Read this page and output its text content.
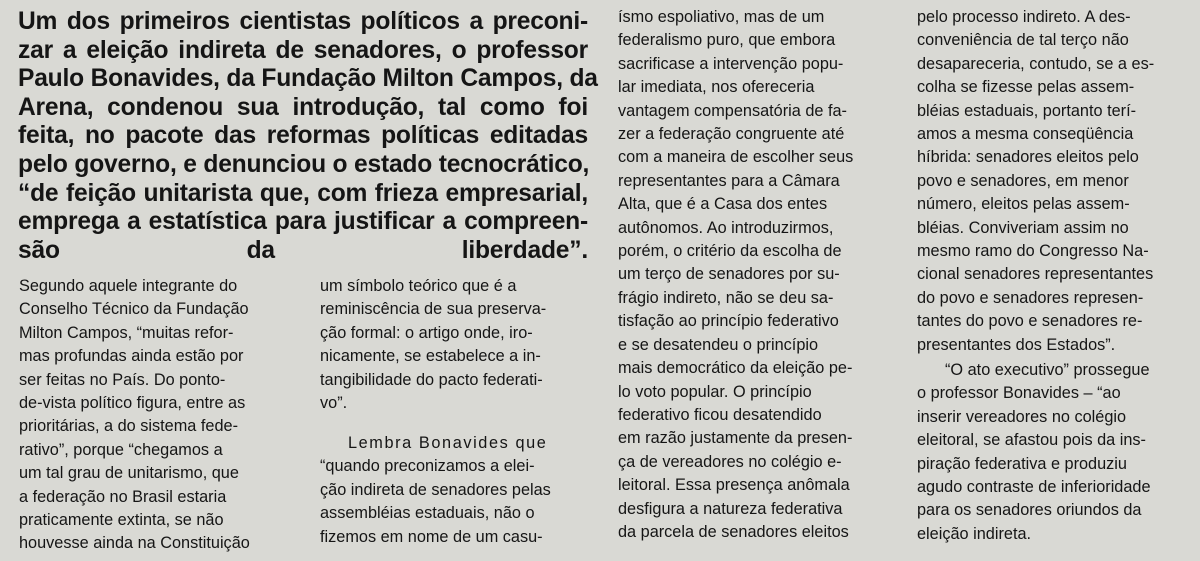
Um dos primeiros cientistas políticos a preconi-
zar a eleição indireta de senadores, o professor
Paulo Bonavides, da Fundação Milton Campos, da
Arena, condenou sua introdução, tal como foi
feita, no pacote das reformas políticas editadas
pelo governo, e denunciou o estado tecnocrático,
“de feição unitarista que, com frieza empresarial,
emprega a estatística para justificar a compreen-
são da liberdade”.
Segundo aquele integrante do
Conselho Técnico da Fundação
Milton Campos, “muitas refor-
mas profundas ainda estão por
ser feitas no País. Do ponto-
de-vista político figura, entre as
prioritárias, a do sistema fede-
rativo”, porque “chegamos a
um tal grau de unitarismo, que
a federação no Brasil estaria
praticamente extinta, se não
houvesse ainda na Constituição
um símbolo teórico que é a
reminiscência de sua preserva-
ção formal: o artigo onde, iro-
nicamente, se estabelece a in-
tangibilidade do pacto federati-
vo”.
Lembra Bonavides que
“quando preconizamos a elei-
ção indireta de senadores pelas
assembléias estaduais, não o
fizemos em nome de um casu-
ísmo espoliativo, mas de um
federalismo puro, que embora
sacrificase a intervenção popu-
lar imediata, nos ofereceria
vantagem compensatória de fa-
zer a federação congruente até
com a maneira de escolher seus
representantes para a Câmara
Alta, que é a Casa dos entes
autônomos. Ao introduzirmos,
porém, o critério da escolha de
um terço de senadores por su-
frágio indireto, não se deu sa-
tisfação ao princípio federativo
e se desatendeu o princípio
mais democrático da eleição pe-
lo voto popular. O princípio
federativo ficou desatendido
em razão justamente da presen-
ça de vereadores no colégio e-
leitoral. Essa presença anômala
desfigura a natureza federativa
da parcela de senadores eleitos
pelo processo indireto. A des-
conveniência de tal terço não
desapareceria, contudo, se a es-
colha se fizesse pelas assem-
bléias estaduais, portanto terí-
amos a mesma conseqüência
híbrida: senadores eleitos pelo
povo e senadores, em menor
número, eleitos pelas assem-
bléias. Conviveriam assim no
mesmo ramo do Congresso Na-
cional senadores representantes
do povo e senadores represen-
tantes do povo e senadores re-
presentantes dos Estados”.
“O ato executivo” prossegue
o professor Bonavides – “ao
inserir vereadores no colégio
eleitoral, se afastou pois da ins-
piração federativa e produziu
agudo contraste de inferioridade
para os senadores oriundos da
eleição indireta.
